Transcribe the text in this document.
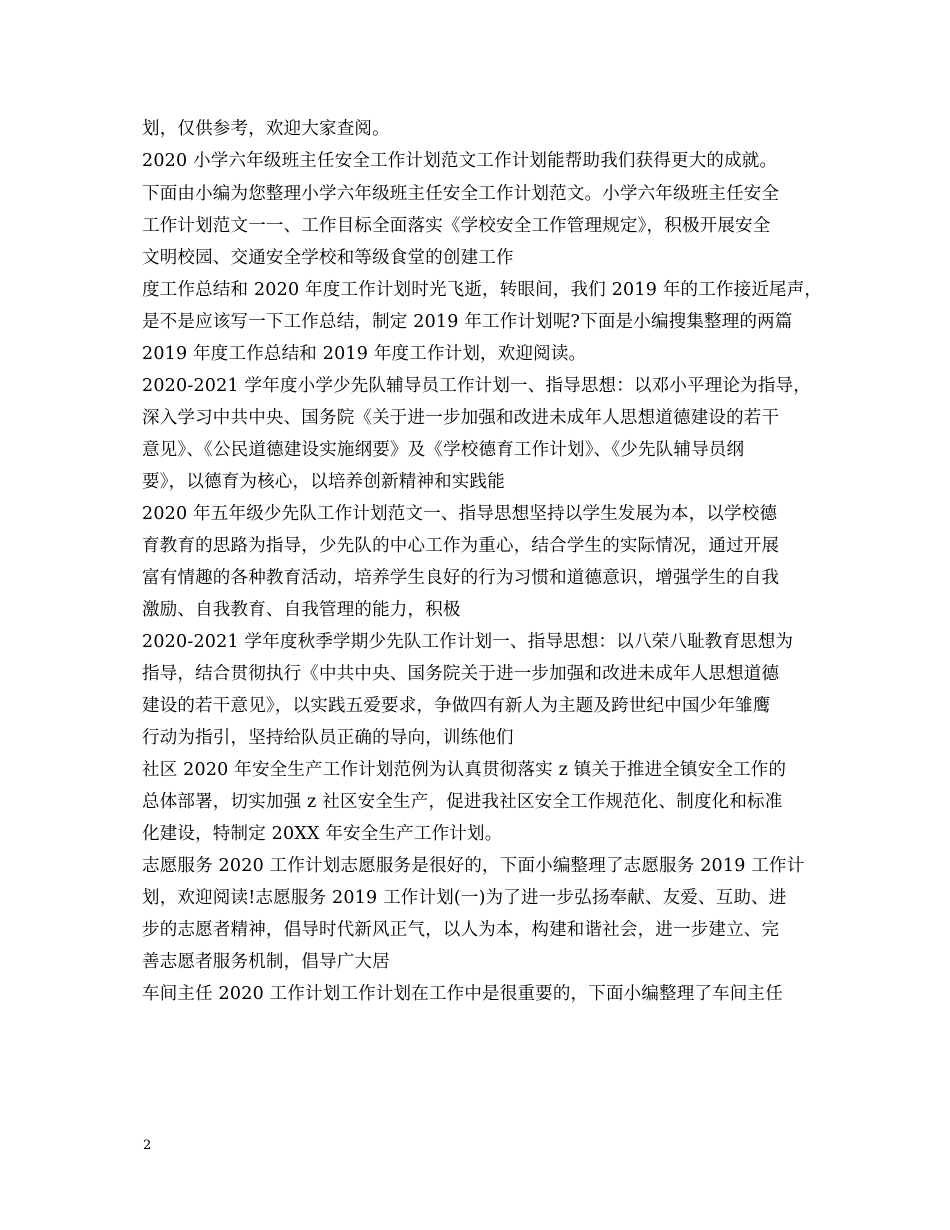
划，仅供参考，欢迎大家查阅。
2020 小学六年级班主任安全工作计划范文工作计划能帮助我们获得更大的成就。
下面由小编为您整理小学六年级班主任安全工作计划范文。小学六年级班主任安全
工作计划范文一一、工作目标全面落实《学校安全工作管理规定》，积极开展安全
文明校园、交通安全学校和等级食堂的创建工作
度工作总结和 2020 年度工作计划时光飞逝，转眼间，我们 2019 年的工作接近尾声，
是不是应该写一下工作总结，制定 2019 年工作计划呢?下面是小编搜集整理的两篇
2019 年度工作总结和 2019 年度工作计划，欢迎阅读。
2020-2021 学年度小学少先队辅导员工作计划一、指导思想：以邓小平理论为指导，
深入学习中共中央、国务院《关于进一步加强和改进未成年人思想道德建设的若干
意见》、《公民道德建设实施纲要》及《学校德育工作计划》、《少先队辅导员纲
要》，以德育为核心，以培养创新精神和实践能
2020 年五年级少先队工作计划范文一、指导思想坚持以学生发展为本，以学校德
育教育的思路为指导，少先队的中心工作为重心，结合学生的实际情况，通过开展
富有情趣的各种教育活动，培养学生良好的行为习惯和道德意识，增强学生的自我
激励、自我教育、自我管理的能力，积极
2020-2021 学年度秋季学期少先队工作计划一、指导思想：以八荣八耻教育思想为
指导，结合贯彻执行《中共中央、国务院关于进一步加强和改进未成年人思想道德
建设的若干意见》，以实践五爱要求，争做四有新人为主题及跨世纪中国少年雏鹰
行动为指引，坚持给队员正确的导向，训练他们
社区 2020 年安全生产工作计划范例为认真贯彻落实 z 镇关于推进全镇安全工作的
总体部署，切实加强 z 社区安全生产，促进我社区安全工作规范化、制度化和标准
化建设，特制定 20XX 年安全生产工作计划。
志愿服务 2020 工作计划志愿服务是很好的，下面小编整理了志愿服务 2019 工作计
划，欢迎阅读!志愿服务 2019 工作计划(一)为了进一步弘扬奉献、友爱、互助、进
步的志愿者精神，倡导时代新风正气，以人为本，构建和谐社会，进一步建立、完
善志愿者服务机制，倡导广大居
车间主任 2020 工作计划工作计划在工作中是很重要的，下面小编整理了车间主任
2
